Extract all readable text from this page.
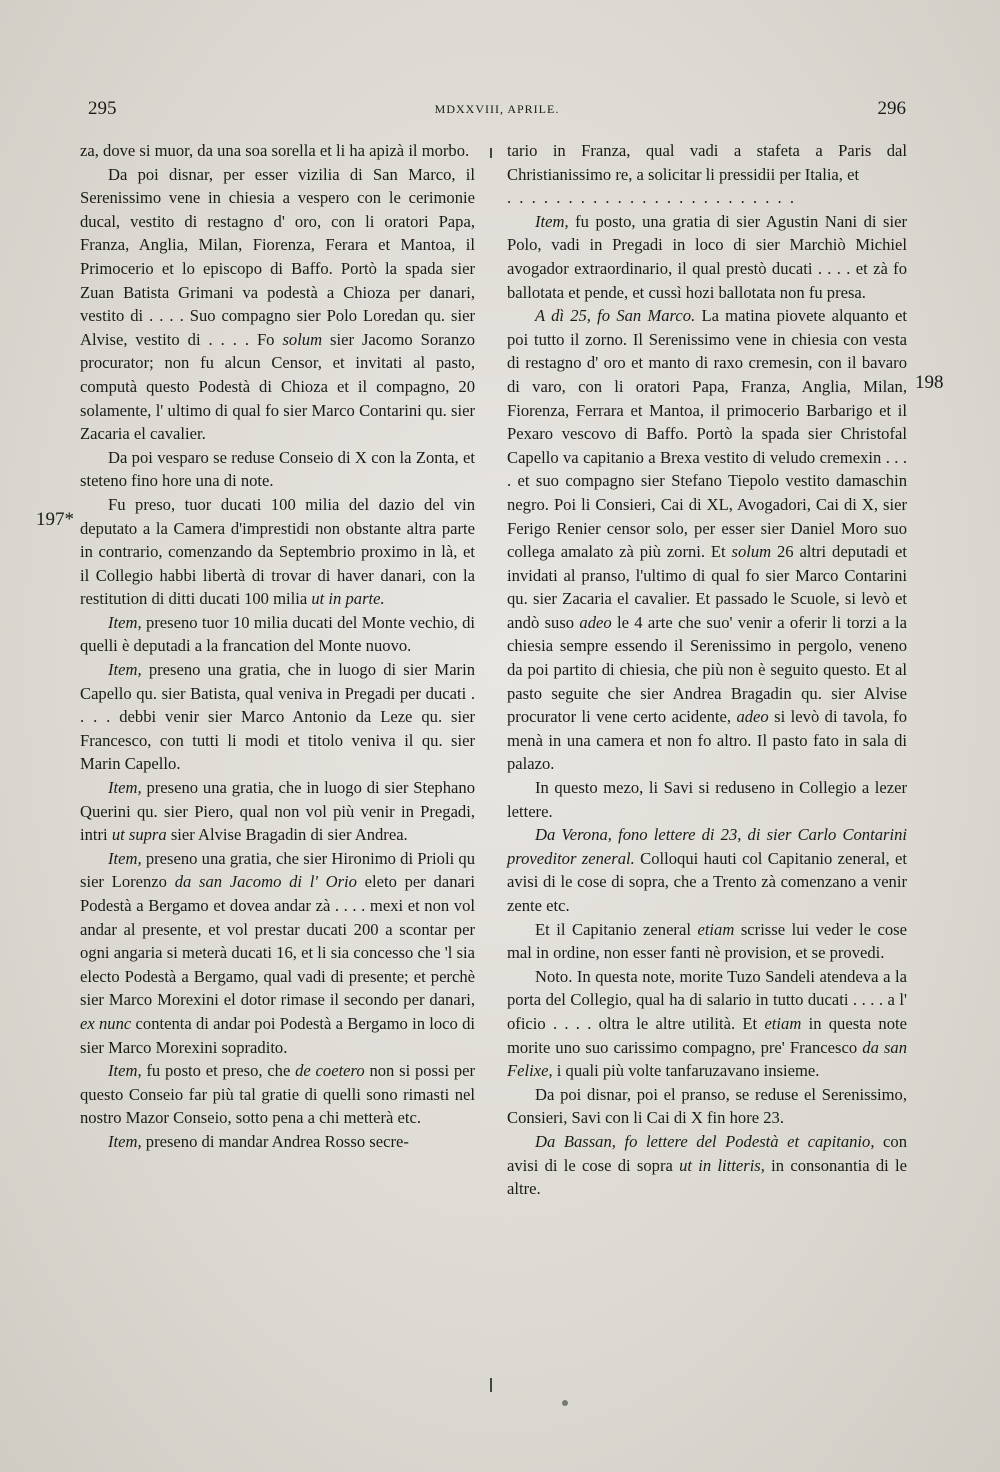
295	MDXXVIII, APRILE.	296

za, dove si muor, da una soa sorella et li ha apizà il morbo.

Da poi disnar, per esser vizilia di San Marco, il Serenissimo vene in chiesia a vespero con le cerimonie ducal, vestito di restagno d' oro, con li oratori Papa, Franza, Anglia, Milan, Fiorenza, Ferara et Mantoa, il Primocerio et lo episcopo di Baffo. Portò la spada sier Zuan Batista Grimani va podestà a Chioza per danari, vestito di . . . . Suo compagno sier Polo Loredan qu. sier Alvise, vestito di . . . . Fo solum sier Jacomo Soranzo procurator; non fu alcun Censor, et invitati al pasto, computà questo Podestà di Chioza et il compagno, 20 solamente, l' ultimo di qual fo sier Marco Contarini qu. sier Zacaria el cavalier.

Da poi vesparo se reduse Conseio di X con la Zonta, et steteno fino hore una di note.

Fu preso, tuor ducati 100 milia del dazio del vin deputato a la Camera d'imprestidi non obstante altra parte in contrario, comenzando da Septembrio proximo in là, et il Collegio habbi libertà di trovar di haver danari, con la restitution di ditti ducati 100 milia ut in parte.

Item, preseno tuor 10 milia ducati del Monte vechio, di quelli è deputadi a la francation del Monte nuovo.

Item, preseno una gratia, che in luogo di sier Marin Capello qu. sier Batista, qual veniva in Pregadi per ducati . . . . debbi venir sier Marco Antonio da Leze qu. sier Francesco, con tutti li modi et titolo veniva il qu. sier Marin Capello.

Item, preseno una gratia, che in luogo di sier Stephano Querini qu. sier Piero, qual non vol più venir in Pregadi, intri ut supra sier Alvise Bragadin di sier Andrea.

Item, preseno una gratia, che sier Hironimo di Prioli qu sier Lorenzo da san Jacomo di l' Orio eleto per danari Podestà a Bergamo et dovea andar zà . . . . mexi et non vol andar al presente, et vol prestar ducati 200 a scontar per ogni angaria si meterà ducati 16, et li sia concesso che 'l sia electo Podestà a Bergamo, qual vadi di presente; et perchè sier Marco Morexini el dotor rimase il secondo per danari, ex nunc contenta di andar poi Podestà a Bergamo in loco di sier Marco Morexini sopradito.

Item, fu posto et preso, che de coetero non si possi per questo Conseio far più tal gratie di quelli sono rimasti nel nostro Mazor Conseio, sotto pena a chi metterà etc.

Item, preseno di mandar Andrea Rosso secre-

tario in Franza, qual vadi a stafeta a Paris dal Christianissimo re, a solicitar li pressidii per Italia, et

. . . . . . . . . . . . . . . . . . . . . . . .

Item, fu posto, una gratia di sier Agustin Nani di sier Polo, vadi in Pregadi in loco di sier Marchiò Michiel avogador extraordinario, il qual prestò ducati . . . . et zà fo ballotata et pende, et cussì hozi ballotata non fu presa.

A dì 25, fo San Marco. La matina piovete alquanto et poi tutto il zorno. Il Serenissimo vene in chiesia con vesta di restagno d' oro et manto di raxo cremesin, con il bavaro di varo, con li oratori Papa, Franza, Anglia, Milan, Fiorenza, Ferrara et Mantoa, il primocerio Barbarigo et il Pexaro vescovo di Baffo. Portò la spada sier Christofal Capello va capitanio a Brexa vestito di veludo cremexin . . . . et suo compagno sier Stefano Tiepolo vestito damaschin negro. Poi li Consieri, Cai di XL, Avogadori, Cai di X, sier Ferigo Renier censor solo, per esser sier Daniel Moro suo collega amalato zà più zorni. Et solum 26 altri deputadi et invidati al pranso, l'ultimo di qual fo sier Marco Contarini qu. sier Zacaria el cavalier. Et passado le Scuole, si levò et andò suso adeo le 4 arte che suo' venir a oferir li torzi a la chiesia sempre essendo il Serenissimo in pergolo, veneno da poi partito di chiesia, che più non è seguito questo. Et al pasto seguite che sier Andrea Bragadin qu. sier Alvise procurator li vene certo acidente, adeo si levò di tavola, fo menà in una camera et non fo altro. Il pasto fato in sala di palazo.

In questo mezo, li Savi si reduseno in Collegio a lezer lettere.

Da Verona, fono lettere di 23, di sier Carlo Contarini proveditor zeneral. Colloqui hauti col Capitanio zeneral, et avisi di le cose di sopra, che a Trento zà comenzano a venir zente etc.

Et il Capitanio zeneral etiam scrisse lui veder le cose mal in ordine, non esser fanti nè provision, et se provedi.

Noto. In questa note, morite Tuzo Sandeli atendeva a la porta del Collegio, qual ha di salario in tutto ducati . . . . a l' oficio . . . . oltra le altre utilità. Et etiam in questa note morite uno suo carissimo compagno, pre' Francesco da san Felixe, i quali più volte tanfaruzavano insieme.

Da poi disnar, poi el pranso, se reduse el Serenissimo, Consieri, Savi con li Cai di X fin hore 23.

Da Bassan, fo lettere del Podestà et capitanio, con avisi di le cose di sopra ut in litteris, in consonantia di le altre.

197*
198
